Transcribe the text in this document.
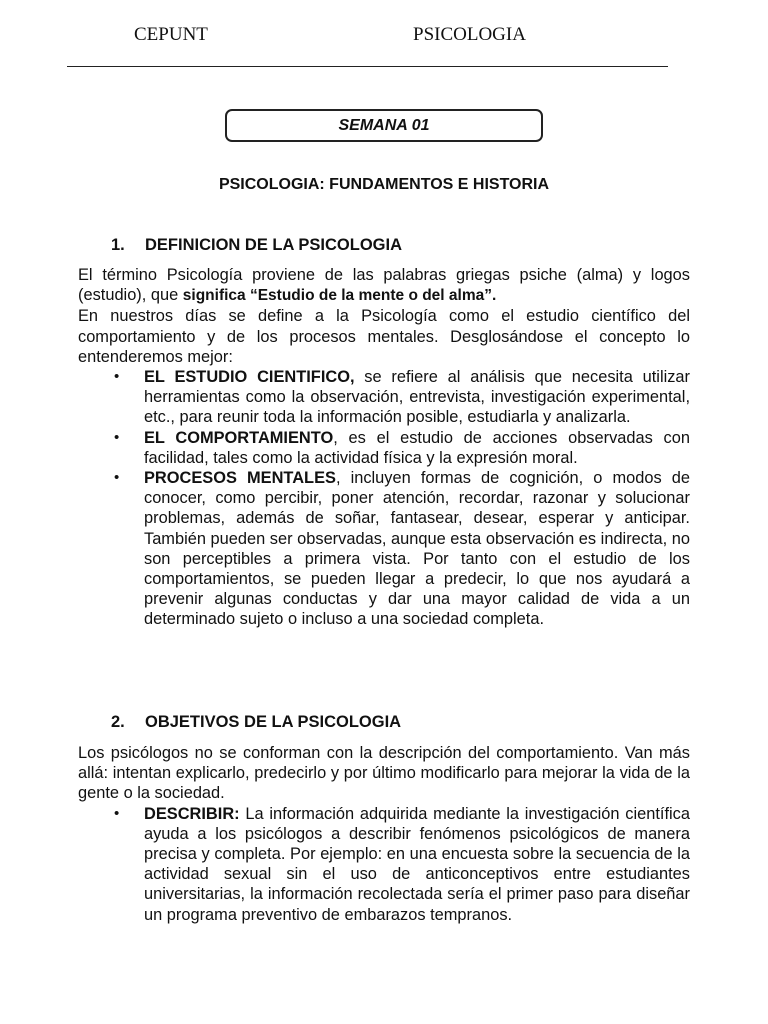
CEPUNT	PSICOLOGIA
SEMANA 01
PSICOLOGIA: FUNDAMENTOS E HISTORIA
1. DEFINICION DE LA PSICOLOGIA

El término Psicología proviene de las palabras griegas psiche (alma) y logos (estudio), que significa “Estudio de la mente o del alma”.

En nuestros días se define a la Psicología como el estudio científico del comportamiento y de los procesos mentales. Desglosándose el concepto lo entenderemos mejor:

• EL ESTUDIO CIENTIFICO, se refiere al análisis que necesita utilizar herramientas como la observación, entrevista, investigación experimental, etc., para reunir toda la información posible, estudiarla y analizarla.
• EL COMPORTAMIENTO, es el estudio de acciones observadas con facilidad, tales como la actividad física y la expresión moral.
• PROCESOS MENTALES, incluyen formas de cognición, o modos de conocer, como percibir, poner atención, recordar, razonar y solucionar problemas, además de soñar, fantasear, desear, esperar y anticipar. También pueden ser observadas, aunque esta observación es indirecta, no son perceptibles a primera vista. Por tanto con el estudio de los comportamientos, se pueden llegar a predecir, lo que nos ayudará a prevenir algunas conductas y dar una mayor calidad de vida a un determinado sujeto o incluso a una sociedad completa.
2. OBJETIVOS DE LA PSICOLOGIA

Los psicólogos no se conforman con la descripción del comportamiento. Van más allá: intentan explicarlo, predecirlo y por último modificarlo para mejorar la vida de la gente o la sociedad.

• DESCRIBIR: La información adquirida mediante la investigación científica ayuda a los psicólogos a describir fenómenos psicológicos de manera precisa y completa. Por ejemplo: en una encuesta sobre la secuencia de la actividad sexual sin el uso de anticonceptivos entre estudiantes universitarias, la información recolectada sería el primer paso para diseñar un programa preventivo de embarazos tempranos.
